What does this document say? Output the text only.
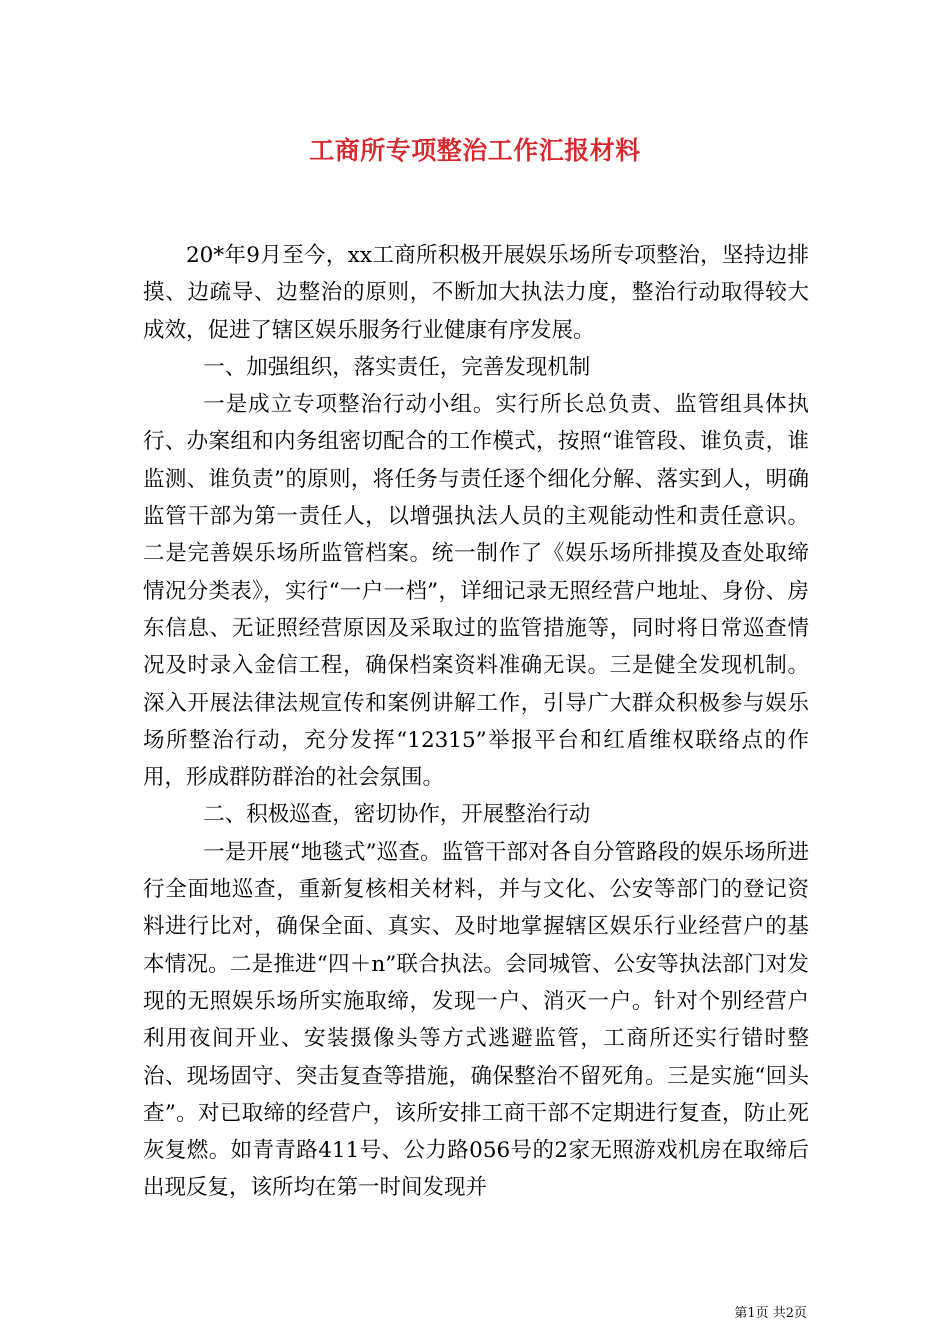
工商所专项整治工作汇报材料

20*年9月至今，xx工商所积极开展娱乐场所专项整治，坚持边排摸、边疏导、边整治的原则，不断加大执法力度，整治行动取得较大成效，促进了辖区娱乐服务行业健康有序发展。

一、加强组织，落实责任，完善发现机制

一是成立专项整治行动小组。实行所长总负责、监管组具体执行、办案组和内务组密切配合的工作模式，按照“谁管段、谁负责，谁监测、谁负责”的原则，将任务与责任逐个细化分解、落实到人，明确监管干部为第一责任人，以增强执法人员的主观能动性和责任意识。二是完善娱乐场所监管档案。统一制作了《娱乐场所排摸及查处取缔情况分类表》，实行“一户一档”，详细记录无照经营户地址、身份、房东信息、无证照经营原因及采取过的监管措施等，同时将日常巡查情况及时录入金信工程，确保档案资料准确无误。三是健全发现机制。深入开展法律法规宣传和案例讲解工作，引导广大群众积极参与娱乐场所整治行动，充分发挥“12315”举报平台和红盾维权联络点的作用，形成群防群治的社会氛围。

二、积极巡查，密切协作，开展整治行动

一是开展“地毯式”巡查。监管干部对各自分管路段的娱乐场所进行全面地巡查，重新复核相关材料，并与文化、公安等部门的登记资料进行比对，确保全面、真实、及时地掌握辖区娱乐行业经营户的基本情况。二是推进“四＋n”联合执法。会同城管、公安等执法部门对发现的无照娱乐场所实施取缔，发现一户、消灭一户。针对个别经营户利用夜间开业、安装摄像头等方式逃避监管，工商所还实行错时整治、现场固守、突击复查等措施，确保整治不留死角。三是实施“回头查”。对已取缔的经营户，该所安排工商干部不定期进行复查，防止死灰复燃。如青青路411号、公力路056号的2家无照游戏机房在取缔后出现反复，该所均在第一时间发现并

第1页 共2页
